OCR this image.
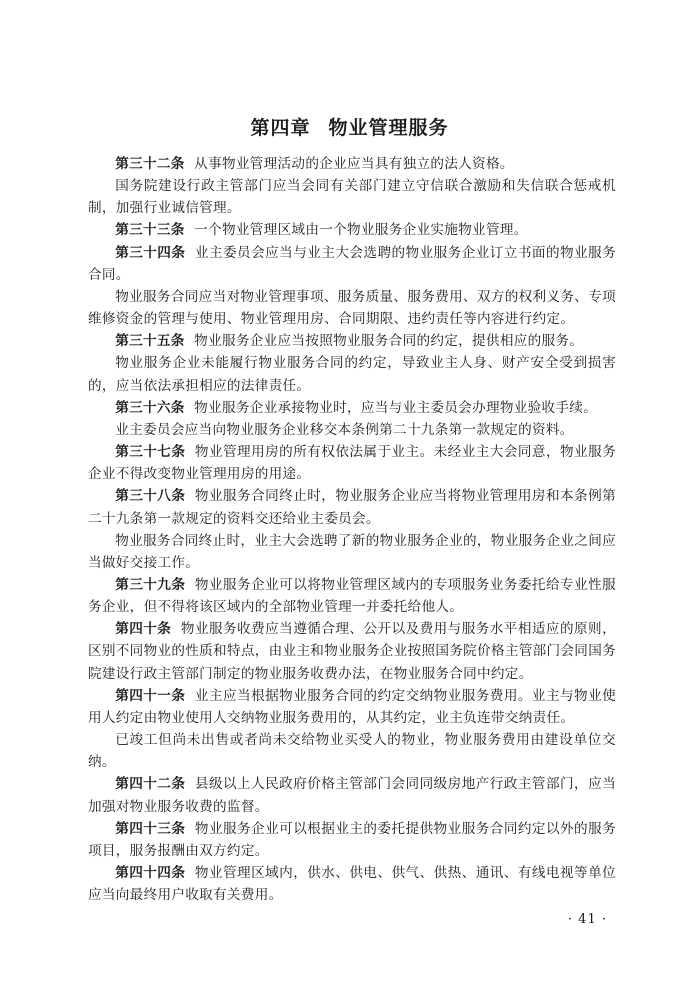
第四章 物业管理服务

第三十二条 从事物业管理活动的企业应当具有独立的法人资格。

国务院建设行政主管部门应当会同有关部门建立守信联合激励和失信联合惩戒机制，加强行业诚信管理。

第三十三条 一个物业管理区域由一个物业服务企业实施物业管理。

第三十四条 业主委员会应当与业主大会选聘的物业服务企业订立书面的物业服务合同。

物业服务合同应当对物业管理事项、服务质量、服务费用、双方的权利义务、专项维修资金的管理与使用、物业管理用房、合同期限、违约责任等内容进行约定。

第三十五条 物业服务企业应当按照物业服务合同的约定，提供相应的服务。

物业服务企业未能履行物业服务合同的约定，导致业主人身、财产安全受到损害的，应当依法承担相应的法律责任。

第三十六条 物业服务企业承接物业时，应当与业主委员会办理物业验收手续。

业主委员会应当向物业服务企业移交本条例第二十九条第一款规定的资料。

第三十七条 物业管理用房的所有权依法属于业主。未经业主大会同意，物业服务企业不得改变物业管理用房的用途。

第三十八条 物业服务合同终止时，物业服务企业应当将物业管理用房和本条例第二十九条第一款规定的资料交还给业主委员会。

物业服务合同终止时，业主大会选聘了新的物业服务企业的，物业服务企业之间应当做好交接工作。

第三十九条 物业服务企业可以将物业管理区域内的专项服务业务委托给专业性服务企业，但不得将该区域内的全部物业管理一并委托给他人。

第四十条 物业服务收费应当遵循合理、公开以及费用与服务水平相适应的原则，区别不同物业的性质和特点，由业主和物业服务企业按照国务院价格主管部门会同国务院建设行政主管部门制定的物业服务收费办法，在物业服务合同中约定。

第四十一条 业主应当根据物业服务合同的约定交纳物业服务费用。业主与物业使用人约定由物业使用人交纳物业服务费用的，从其约定，业主负连带交纳责任。

已竣工但尚未出售或者尚未交给物业买受人的物业，物业服务费用由建设单位交纳。

第四十二条 县级以上人民政府价格主管部门会同同级房地产行政主管部门，应当加强对物业服务收费的监督。

第四十三条 物业服务企业可以根据业主的委托提供物业服务合同约定以外的服务项目，服务报酬由双方约定。

第四十四条 物业管理区域内，供水、供电、供气、供热、通讯、有线电视等单位应当向最终用户收取有关费用。

· 41 ·
